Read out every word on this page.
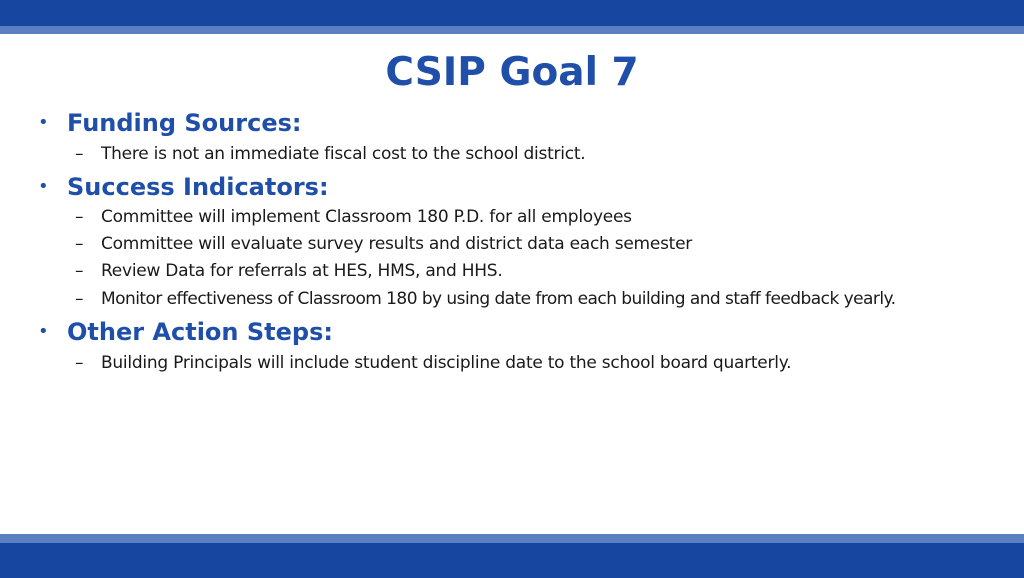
CSIP Goal 7
• Funding Sources:
– There is not an immediate fiscal cost to the school district.
• Success Indicators:
– Committee will implement Classroom 180 P.D. for all employees
– Committee will evaluate survey results and district data each semester
– Review Data for referrals at HES, HMS, and HHS.
– Monitor effectiveness of Classroom 180 by using date from each building and staff feedback yearly.
• Other Action Steps:
– Building Principals will include student discipline date to the school board quarterly.
